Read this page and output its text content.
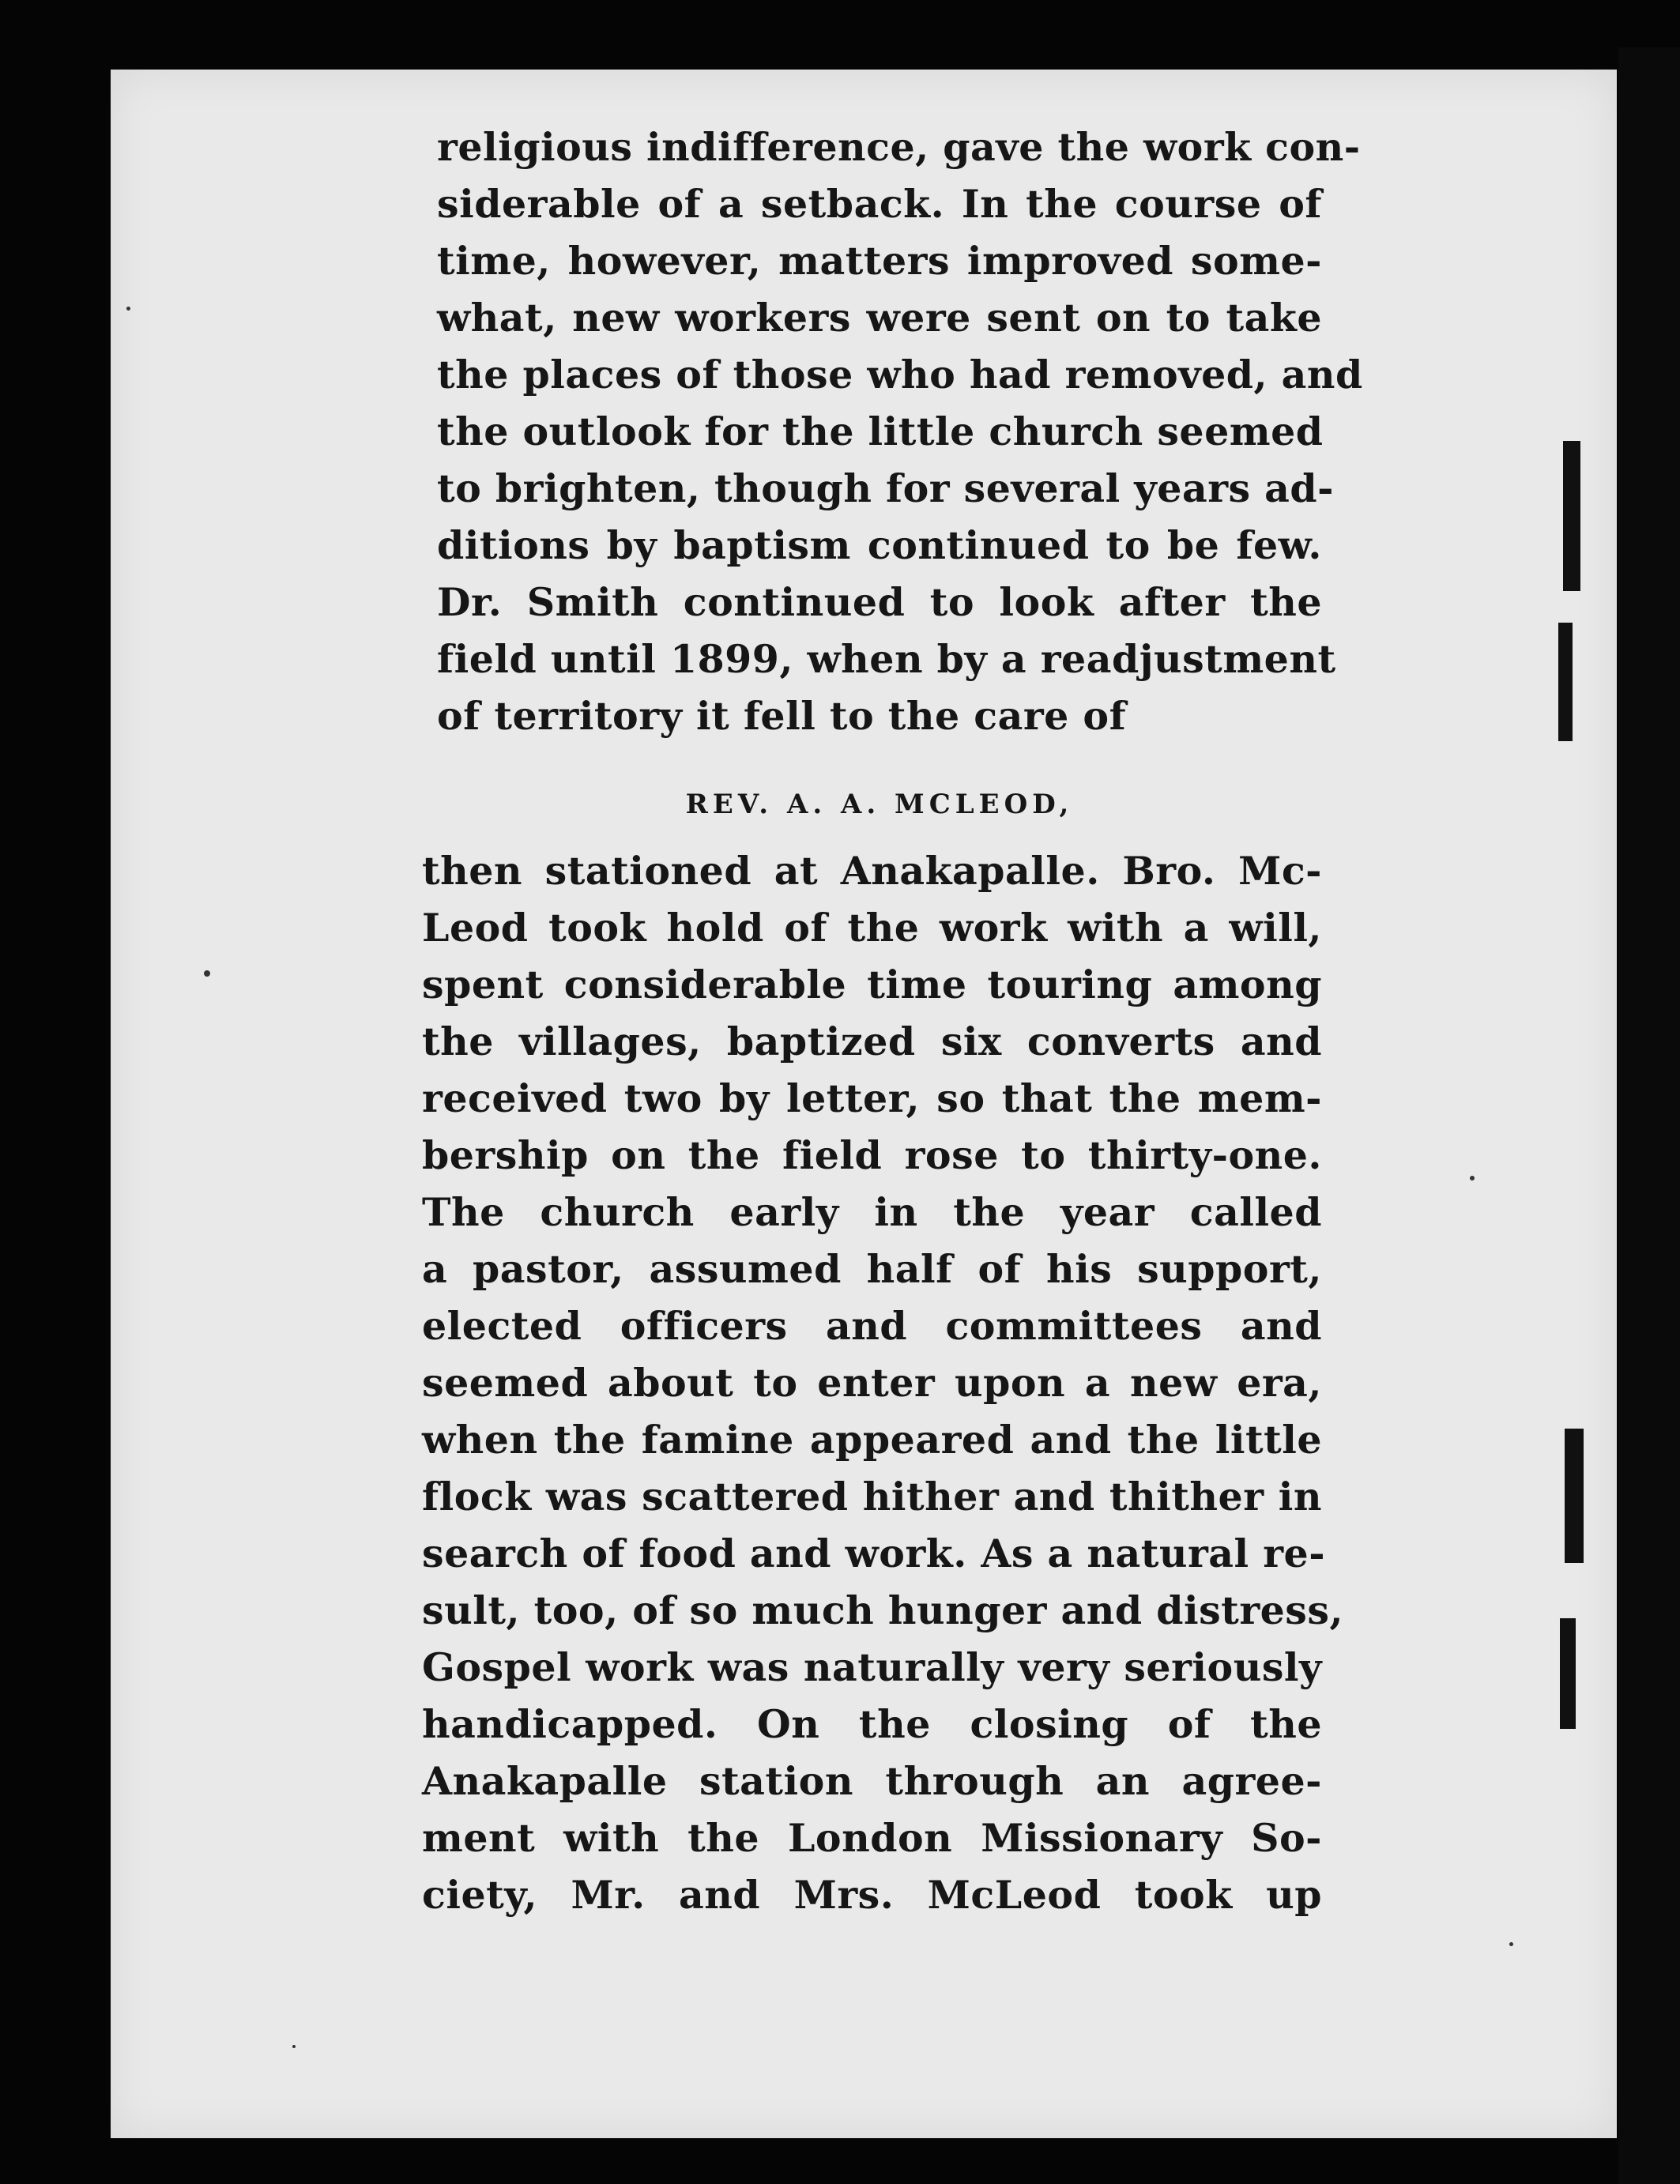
religious indifference, gave the work con-
siderable of a setback. In the course of
time, however, matters improved some-
what, new workers were sent on to take
the places of those who had removed, and
the outlook for the little church seemed
to brighten, though for several years ad-
ditions by baptism continued to be few.
Dr. Smith continued to look after the
field until 1899, when by a readjustment
of territory it fell to the care of
REV. A. A. MCLEOD,
then stationed at Anakapalle. Bro. Mc-
Leod took hold of the work with a will,
spent considerable time touring among
the villages, baptized six converts and
received two by letter, so that the mem-
bership on the field rose to thirty-one.
The church early in the year called
a pastor, assumed half of his support,
elected officers and committees and
seemed about to enter upon a new era,
when the famine appeared and the little
flock was scattered hither and thither in
search of food and work. As a natural re-
sult, too, of so much hunger and distress,
Gospel work was naturally very seriously
handicapped. On the closing of the
Anakapalle station through an agree-
ment with the London Missionary So-
ciety, Mr. and Mrs. McLeod took up
